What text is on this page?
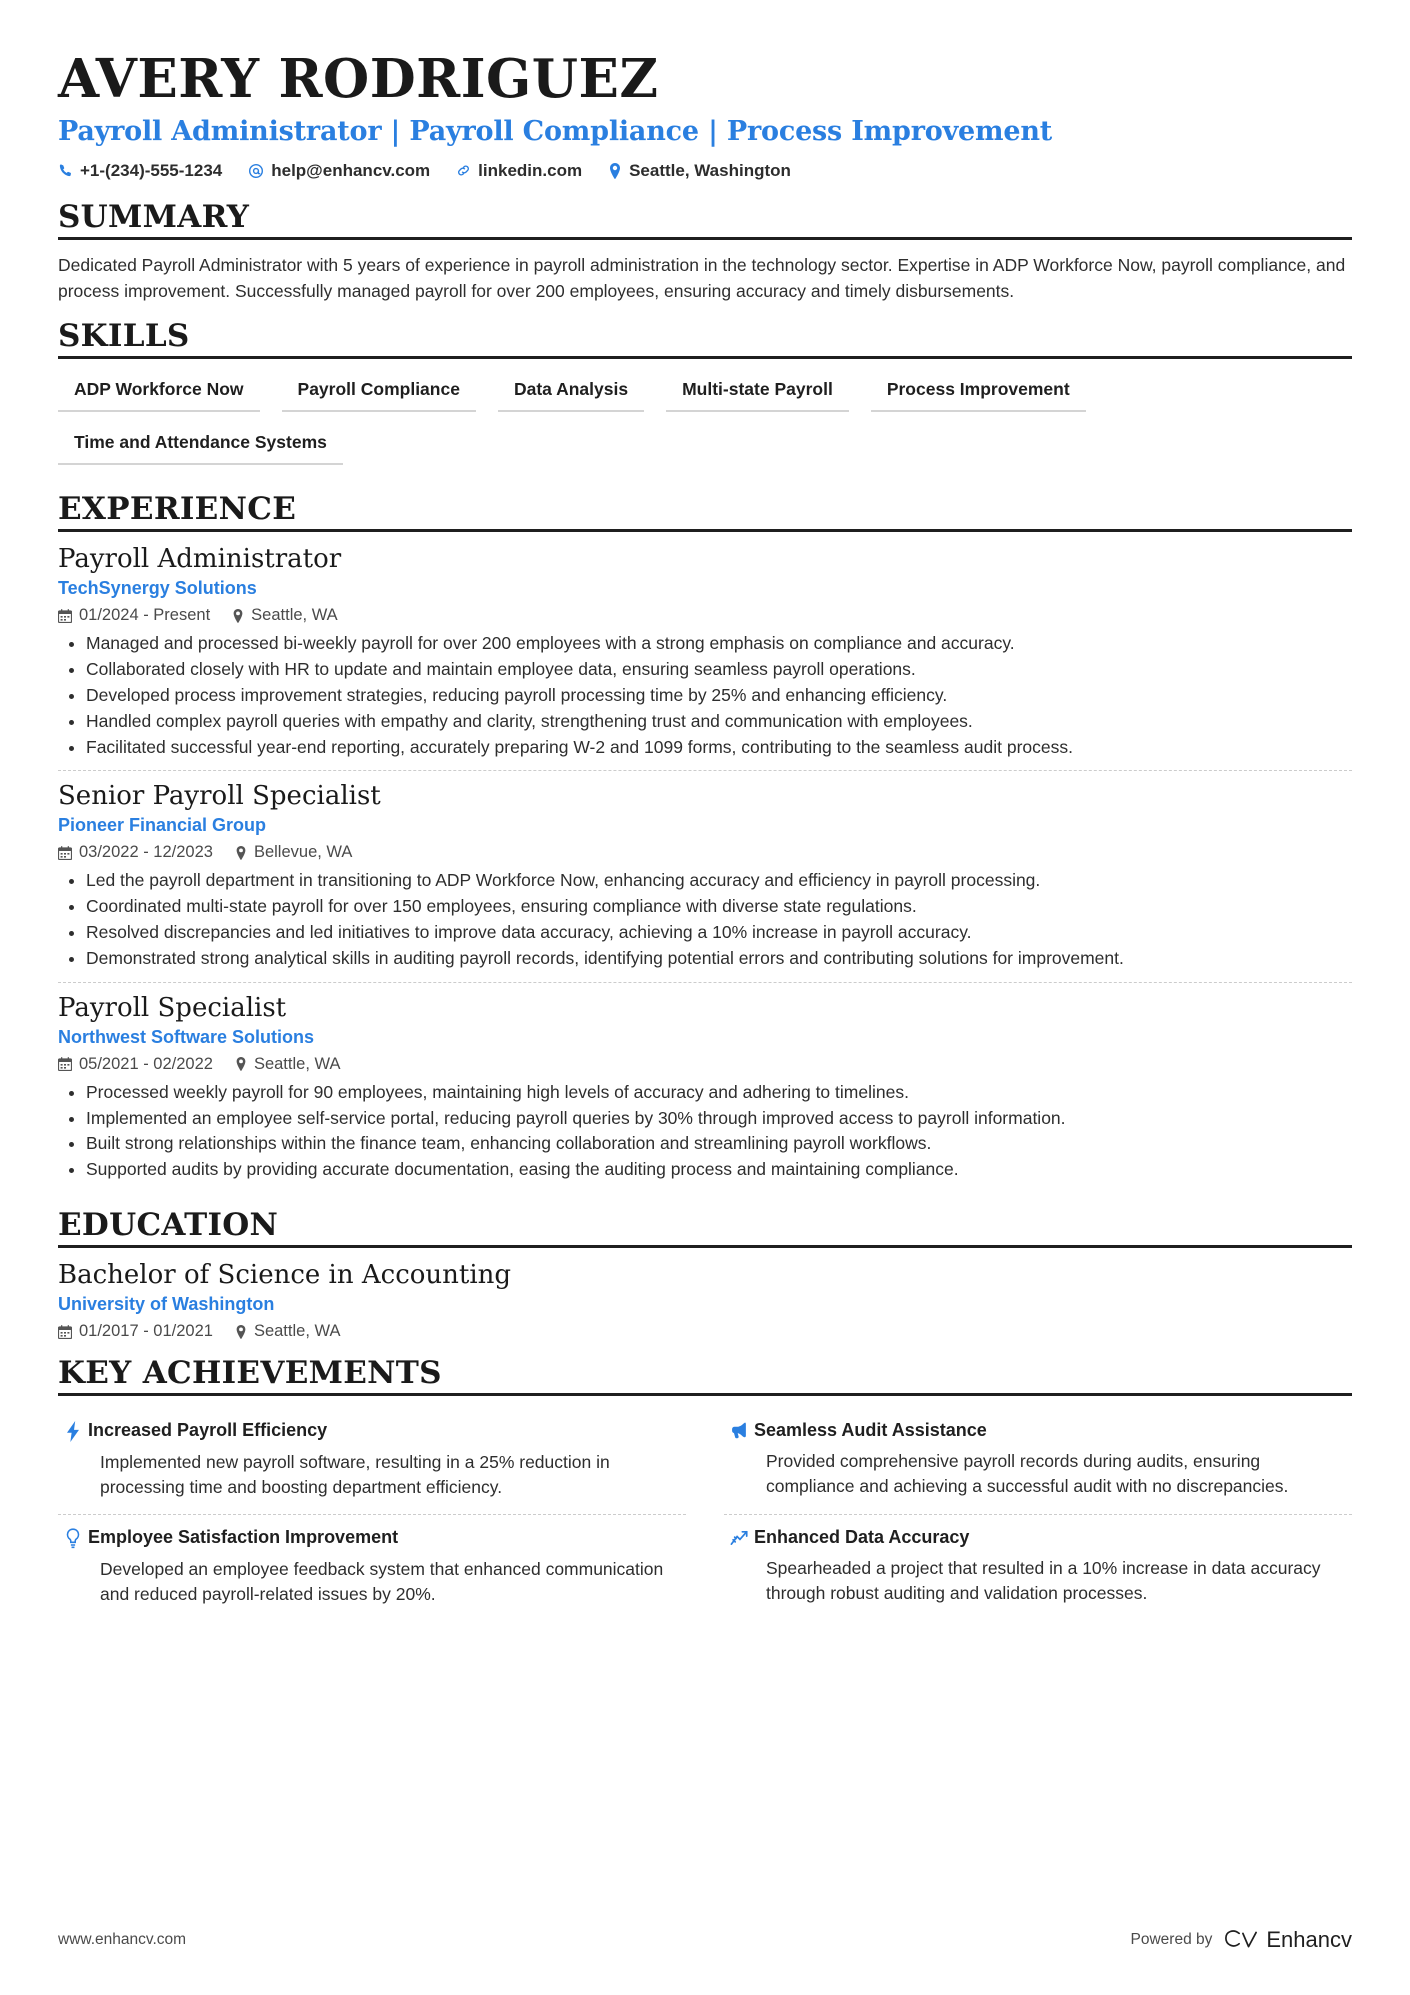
AVERY RODRIGUEZ
Payroll Administrator | Payroll Compliance | Process Improvement
+1-(234)-555-1234	help@enhancv.com	linkedin.com	Seattle, Washington
SUMMARY

Dedicated Payroll Administrator with 5 years of experience in payroll administration in the technology sector. Expertise in ADP Workforce Now, payroll compliance, and process improvement. Successfully managed payroll for over 200 employees, ensuring accuracy and timely disbursements.

SKILLS
ADP Workforce Now	Payroll Compliance	Data Analysis	Multi-state Payroll	Process Improvement
Time and Attendance Systems
EXPERIENCE
Payroll Administrator
TechSynergy Solutions
01/2024 - Present Seattle, WA
• Managed and processed bi-weekly payroll for over 200 employees with a strong emphasis on compliance and accuracy.
• Collaborated closely with HR to update and maintain employee data, ensuring seamless payroll operations.
• Developed process improvement strategies, reducing payroll processing time by 25% and enhancing efficiency.
• Handled complex payroll queries with empathy and clarity, strengthening trust and communication with employees.
• Facilitated successful year-end reporting, accurately preparing W-2 and 1099 forms, contributing to the seamless audit process.
Senior Payroll Specialist
Pioneer Financial Group
03/2022 - 12/2023 Bellevue, WA
• Led the payroll department in transitioning to ADP Workforce Now, enhancing accuracy and efficiency in payroll processing.
• Coordinated multi-state payroll for over 150 employees, ensuring compliance with diverse state regulations.
• Resolved discrepancies and led initiatives to improve data accuracy, achieving a 10% increase in payroll accuracy.
• Demonstrated strong analytical skills in auditing payroll records, identifying potential errors and contributing solutions for improvement.
Payroll Specialist
Northwest Software Solutions
05/2021 - 02/2022 Seattle, WA
• Processed weekly payroll for 90 employees, maintaining high levels of accuracy and adhering to timelines.
• Implemented an employee self-service portal, reducing payroll queries by 30% through improved access to payroll information.
• Built strong relationships within the finance team, enhancing collaboration and streamlining payroll workflows.
• Supported audits by providing accurate documentation, easing the auditing process and maintaining compliance.
EDUCATION
Bachelor of Science in Accounting
University of Washington
01/2017 - 01/2021 Seattle, WA
KEY ACHIEVEMENTS
Increased Payroll Efficiency
Implemented new payroll software, resulting in a 25% reduction in processing time and boosting department efficiency.
Seamless Audit Assistance
Provided comprehensive payroll records during audits, ensuring compliance and achieving a successful audit with no discrepancies.
Employee Satisfaction Improvement
Developed an employee feedback system that enhanced communication and reduced payroll-related issues by 20%.
Enhanced Data Accuracy
Spearheaded a project that resulted in a 10% increase in data accuracy through robust auditing and validation processes.
www.enhancv.com	Powered by Enhancv
